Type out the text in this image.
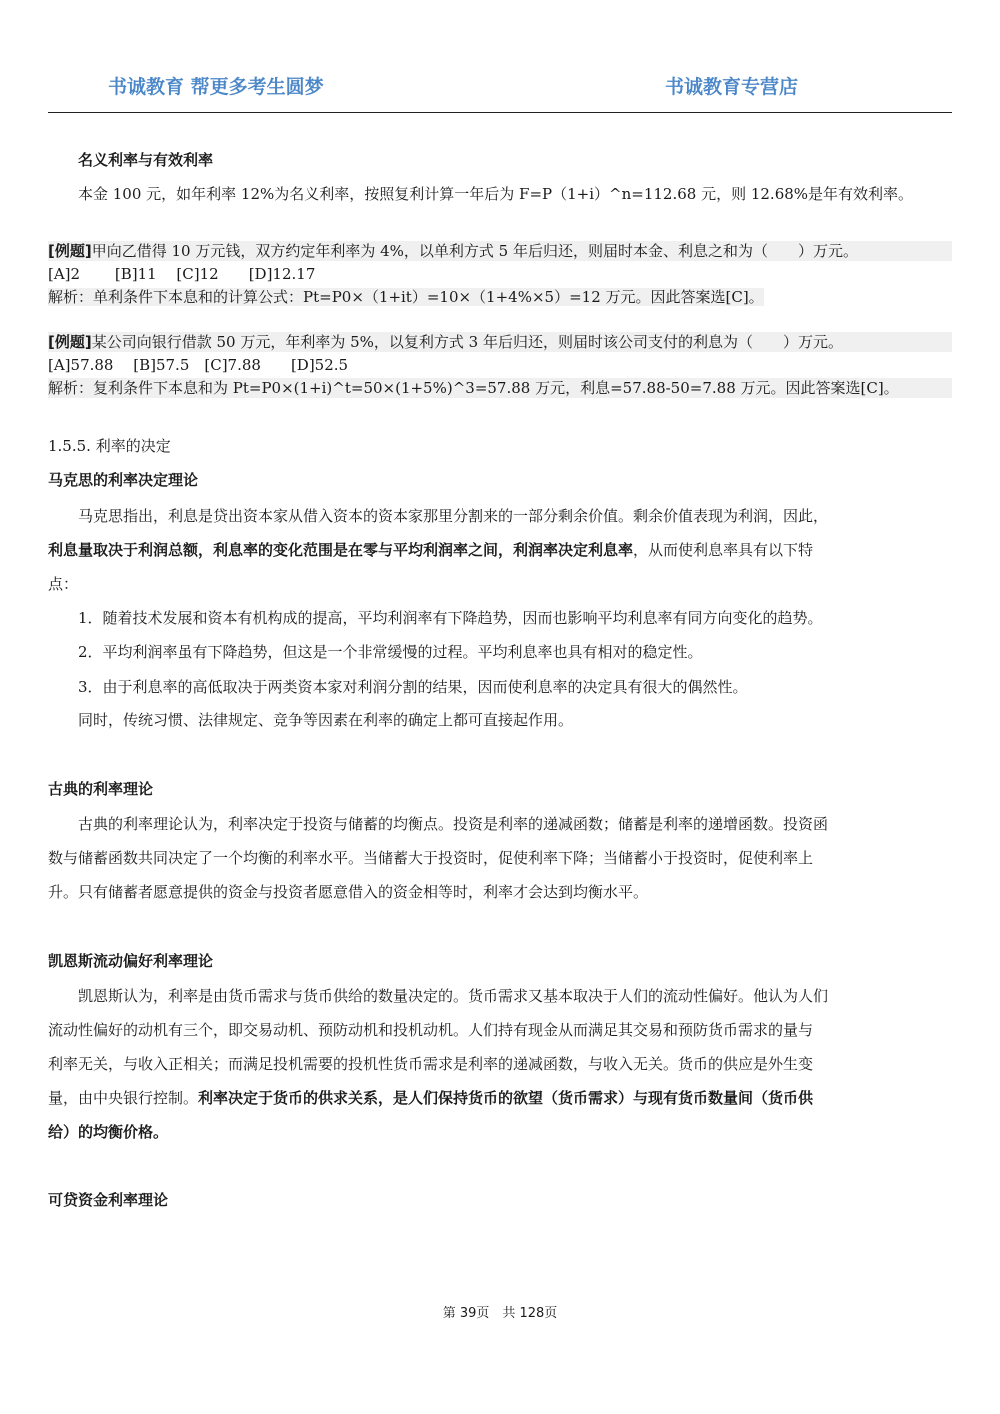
书诚教育 帮更多考生圆梦	书诚教育专营店
名义利率与有效利率
本金 100 元，如年利率 12%为名义利率，按照复利计算一年后为 F=P（1+i）^n=112.68 元，则 12.68%是年有效利率。
[例题]甲向乙借得 10 万元钱，双方约定年利率为 4%，以单利方式 5 年后归还，则届时本金、利息之和为（　　）万元。
[A]2　　 [B]11　 [C]12　　[D]12.17
解析：单利条件下本息和的计算公式：Pt=P0×（1+it）=10×（1+4%×5）=12 万元。因此答案选[C]。
[例题]某公司向银行借款 50 万元，年利率为 5%，以复利方式 3 年后归还，则届时该公司支付的利息为（　　）万元。
[A]57.88　 [B]57.5　[C]7.88　　[D]52.5
解析：复利条件下本息和为 Pt=P0×(1+i)^t=50×(1+5%)^3=57.88 万元，利息=57.88-50=7.88 万元。因此答案选[C]。
1.5.5. 利率的决定
马克思的利率决定理论
马克思指出，利息是贷出资本家从借入资本的资本家那里分割来的一部分剩余价值。剩余价值表现为利润，因此，
利息量取决于利润总额，利息率的变化范围是在零与平均利润率之间，利润率决定利息率，从而使利息率具有以下特
点：
1．随着技术发展和资本有机构成的提高，平均利润率有下降趋势，因而也影响平均利息率有同方向变化的趋势。
2．平均利润率虽有下降趋势，但这是一个非常缓慢的过程。平均利息率也具有相对的稳定性。
3．由于利息率的高低取决于两类资本家对利润分割的结果，因而使利息率的决定具有很大的偶然性。
同时，传统习惯、法律规定、竞争等因素在利率的确定上都可直接起作用。
古典的利率理论
古典的利率理论认为，利率决定于投资与储蓄的均衡点。投资是利率的递减函数；储蓄是利率的递增函数。投资函
数与储蓄函数共同决定了一个均衡的利率水平。当储蓄大于投资时，促使利率下降；当储蓄小于投资时，促使利率上
升。只有储蓄者愿意提供的资金与投资者愿意借入的资金相等时，利率才会达到均衡水平。
凯恩斯流动偏好利率理论
凯恩斯认为，利率是由货币需求与货币供给的数量决定的。货币需求又基本取决于人们的流动性偏好。他认为人们
流动性偏好的动机有三个，即交易动机、预防动机和投机动机。人们持有现金从而满足其交易和预防货币需求的量与
利率无关，与收入正相关；而满足投机需要的投机性货币需求是利率的递减函数，与收入无关。货币的供应是外生变
量，由中央银行控制。利率决定于货币的供求关系，是人们保持货币的欲望（货币需求）与现有货币数量间（货币供
给）的均衡价格。
可贷资金利率理论
第 39页　共 128页
